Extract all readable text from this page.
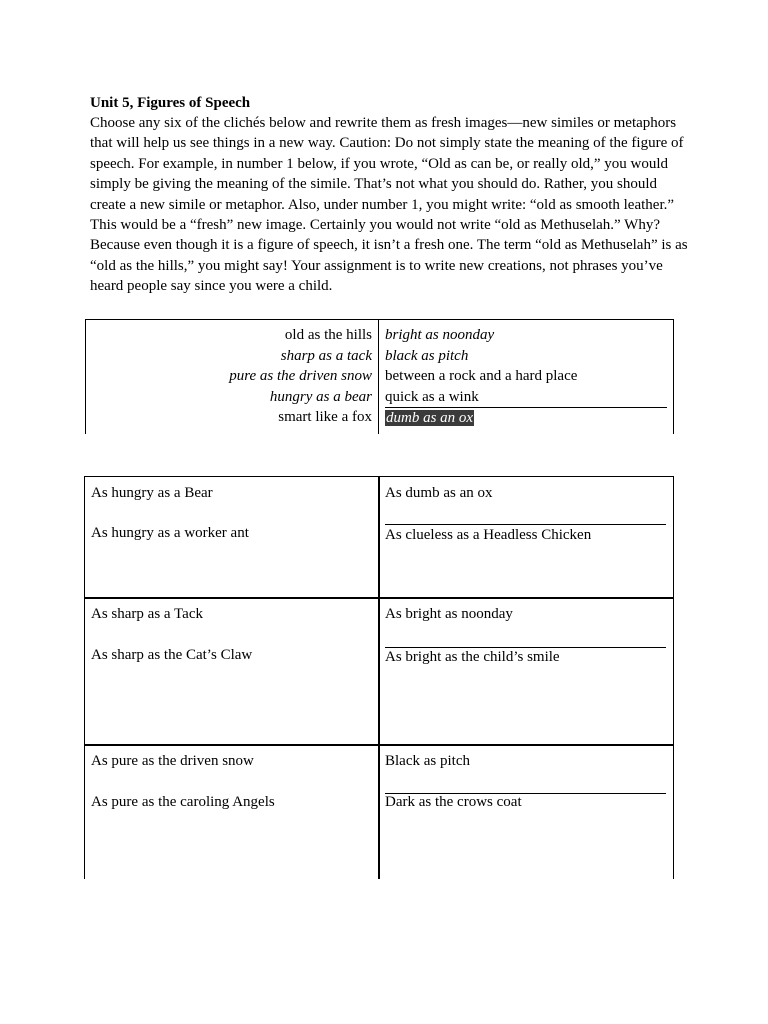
Unit 5, Figures of Speech
Choose any six of the clichés below and rewrite them as fresh images—new similes or metaphors that will help us see things in a new way. Caution: Do not simply state the meaning of the figure of speech. For example, in number 1 below, if you wrote, “Old as can be, or really old,” you would simply be giving the meaning of the simile. That’s not what you should do. Rather, you should create a new simile or metaphor. Also, under number 1, you might write: “old as smooth leather.” This would be a “fresh” new image. Certainly you would not write “old as Methuselah.” Why? Because even though it is a figure of speech, it isn’t a fresh one. The term “old as Methuselah” is as “old as the hills,” you might say! Your assignment is to write new creations, not phrases you’ve heard people say since you were a child.
old as the hills
sharp as a tack
pure as the driven snow
hungry as a bear
smart like a fox
bright as noonday
black as pitch
between a rock and a hard place
quick as a wink
dumb as an ox
As hungry as a Bear
As hungry as a worker ant
As dumb as an ox
As clueless as a Headless Chicken
As sharp as a Tack
As sharp as the Cat’s Claw
As bright as noonday
As bright as the child’s smile
As pure as the driven snow
As pure as the caroling Angels
Black as pitch
Dark as the crows coat
